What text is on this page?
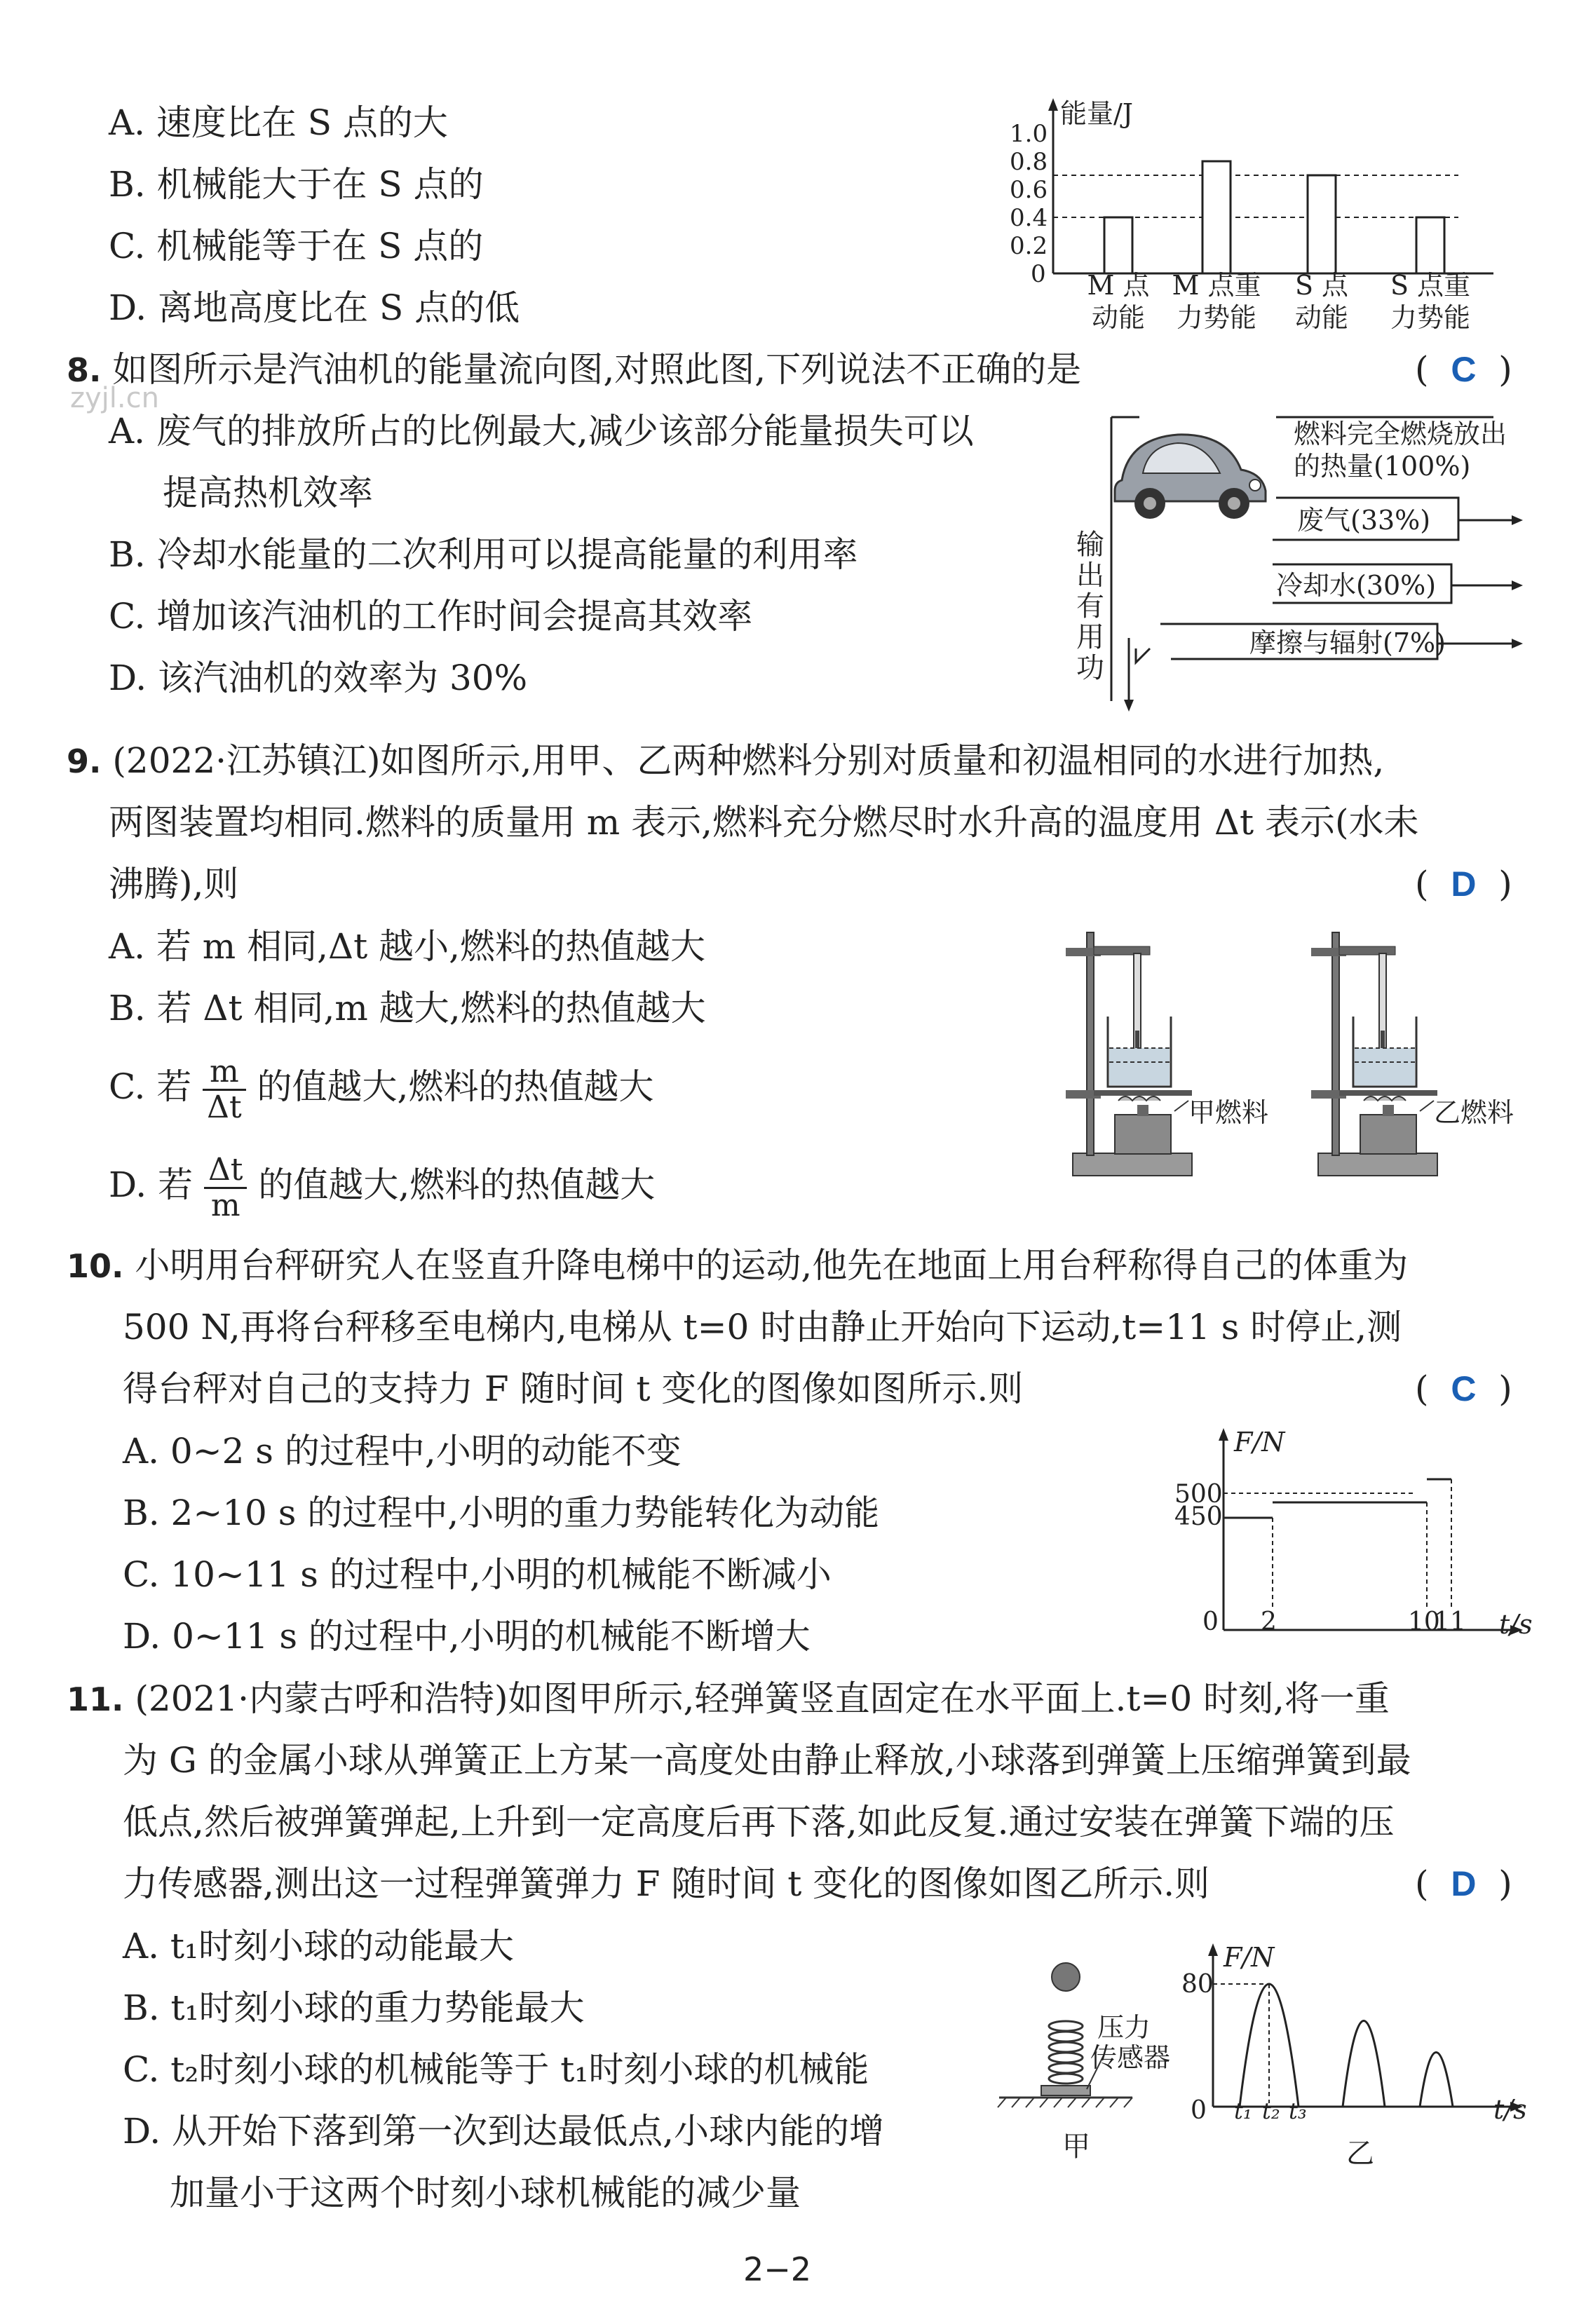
A. 速度比在 S 点的大
B. 机械能大于在 S 点的
C. 机械能等于在 S 点的
D. 离地高度比在 S 点的低
能量/J
1.0
0.8
0.6
0.4
0.2
0 M 点
动能
M 点重
力势能
S 点
动能
S 点重
力势能
zyjl.cn
8. 如图所示是汽油机的能量流向图,对照此图,下列说法不正确的是	( C )
A. 废气的排放所占的比例最大,减少该部分能量损失可以
提高热机效率
B. 冷却水能量的二次利用可以提高能量的利用率
C. 增加该汽油机的工作时间会提高其效率
D. 该汽油机的效率为 30%
燃料完全燃烧放出
的热量(100%)
废气(33%)
冷却水(30%)
摩擦与辐射(7%)
输
出
有
用
功
9. (2022·江苏镇江)如图所示,用甲、乙两种燃料分别对质量和初温相同的水进行加热,
两图装置均相同.燃料的质量用 m 表示,燃料充分燃尽时水升高的温度用 Δt 表示(水未
沸腾),则	( D )
A. 若 m 相同,Δt 越小,燃料的热值越大
B. 若 Δt 相同,m 越大,燃料的热值越大
C. 若 $\frac{m}{\Delta t}$ 的值越大,燃料的热值越大
D. 若 $\frac{\Delta t}{m}$ 的值越大,燃料的热值越大
甲燃料	乙燃料
10. 小明用台秤研究人在竖直升降电梯中的运动,他先在地面上用台秤称得自己的体重为
500 N,再将台秤移至电梯内,电梯从 t=0 时由静止开始向下运动,t=11 s 时停止,测
得台秤对自己的支持力 F 随时间 t 变化的图像如图所示.则	( C )
A. 0~2 s 的过程中,小明的动能不变
B. 2~10 s 的过程中,小明的重力势能转化为动能
C. 10~11 s 的过程中,小明的机械能不断减小
D. 0~11 s 的过程中,小明的机械能不断增大
F/N
t/s
500
450
0 2	10
11
11. (2021·内蒙古呼和浩特)如图甲所示,轻弹簧竖直固定在水平面上.t=0 时刻,将一重
为 G 的金属小球从弹簧正上方某一高度处由静止释放,小球落到弹簧上压缩弹簧到最
低点,然后被弹簧弹起,上升到一定高度后再下落,如此反复.通过安装在弹簧下端的压
力传感器,测出这一过程弹簧弹力 F 随时间 t 变化的图像如图乙所示.则	( D )
A. t₁时刻小球的动能最大
B. t₁时刻小球的重力势能最大
C. t₂时刻小球的机械能等于 t₁时刻小球的机械能
D. 从开始下落到第一次到达最低点,小球内能的增
加量小于这两个时刻小球机械能的减少量
压力
传感器
甲
F/N
t/s
80
0 t₁ t₂ t₃
乙
2−2
